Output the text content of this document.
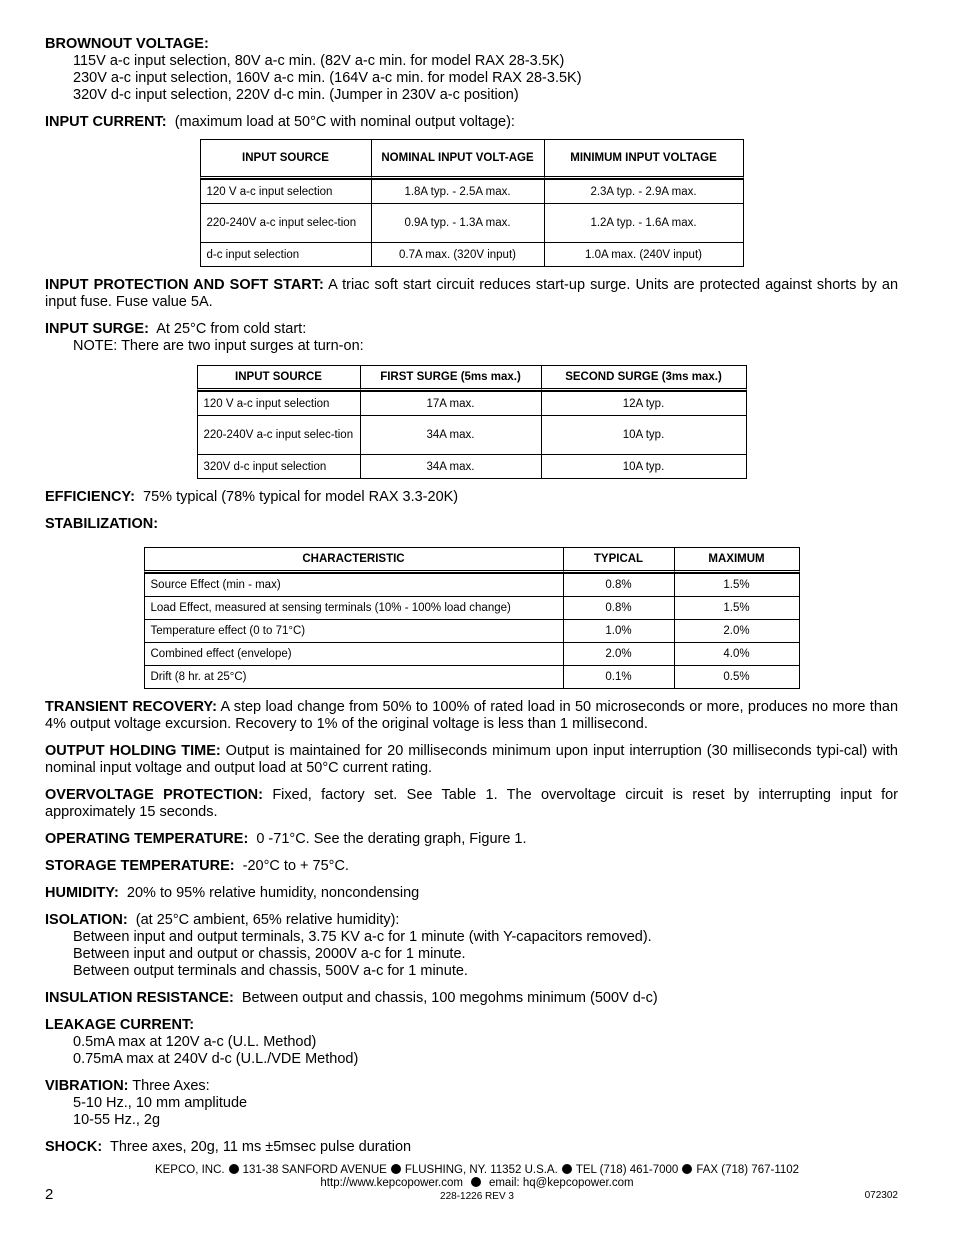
BROWNOUT VOLTAGE:
115V a-c input selection, 80V a-c min. (82V a-c min. for model RAX 28-3.5K)
230V a-c input selection, 160V a-c min. (164V a-c min. for model RAX 28-3.5K)
320V d-c input selection, 220V d-c min. (Jumper in 230V a-c position)
INPUT CURRENT: (maximum load at 50°C with nominal output voltage):
INPUT SOURCE	NOMINAL INPUT VOLT-AGE	MINIMUM INPUT VOLTAGE
120 V a-c input selection	1.8A typ. - 2.5A max.	2.3A typ. - 2.9A max.
220-240V a-c input selec-tion	0.9A typ. - 1.3A max.	1.2A typ. - 1.6A max.
d-c input selection	0.7A max. (320V input)	1.0A max. (240V input)
INPUT PROTECTION AND SOFT START: A triac soft start circuit reduces start-up surge. Units are protected against shorts by an input fuse. Fuse value 5A.
INPUT SURGE: At 25°C from cold start:
NOTE: There are two input surges at turn-on:
INPUT SOURCE	FIRST SURGE (5ms max.)	SECOND SURGE (3ms max.)
120 V a-c input selection	17A max.	12A typ.
220-240V a-c input selec-tion	34A max.	10A typ.
320V d-c input selection	34A max.	10A typ.
EFFICIENCY: 75% typical (78% typical for model RAX 3.3-20K)
STABILIZATION:
CHARACTERISTIC	TYPICAL	MAXIMUM
Source Effect (min - max)	0.8%	1.5%
Load Effect, measured at sensing terminals (10% - 100% load change)	0.8%	1.5%
Temperature effect (0 to 71°C)	1.0%	2.0%
Combined effect (envelope)	2.0%	4.0%
Drift (8 hr. at 25°C)	0.1%	0.5%
TRANSIENT RECOVERY: A step load change from 50% to 100% of rated load in 50 microseconds or more, produces no more than 4% output voltage excursion. Recovery to 1% of the original voltage is less than 1 millisecond.
OUTPUT HOLDING TIME: Output is maintained for 20 milliseconds minimum upon input interruption (30 milliseconds typi-cal) with nominal input voltage and output load at 50°C current rating.
OVERVOLTAGE PROTECTION: Fixed, factory set. See Table 1. The overvoltage circuit is reset by interrupting input for approximately 15 seconds.
OPERATING TEMPERATURE: 0 -71°C. See the derating graph, Figure 1.
STORAGE TEMPERATURE: -20°C to + 75°C.
HUMIDITY: 20% to 95% relative humidity, noncondensing
ISOLATION: (at 25°C ambient, 65% relative humidity):
Between input and output terminals, 3.75 KV a-c for 1 minute (with Y-capacitors removed).
Between input and output or chassis, 2000V a-c for 1 minute.
Between output terminals and chassis, 500V a-c for 1 minute.
INSULATION RESISTANCE: Between output and chassis, 100 megohms minimum (500V d-c)
LEAKAGE CURRENT:
0.5mA max at 120V a-c (U.L. Method)
0.75mA max at 240V d-c (U.L./VDE Method)
VIBRATION: Three Axes:
5-10 Hz., 10 mm amplitude
10-55 Hz., 2g
SHOCK: Three axes, 20g, 11 ms ±5msec pulse duration
KEPCO, INC. 131-38 SANFORD AVENUE FLUSHING, NY. 11352 U.S.A. TEL (718) 461-7000 FAX (718) 767-1102
http://www.kepcopower.com email: hq@kepcopower.com
228-1226 REV 3
2	072302
